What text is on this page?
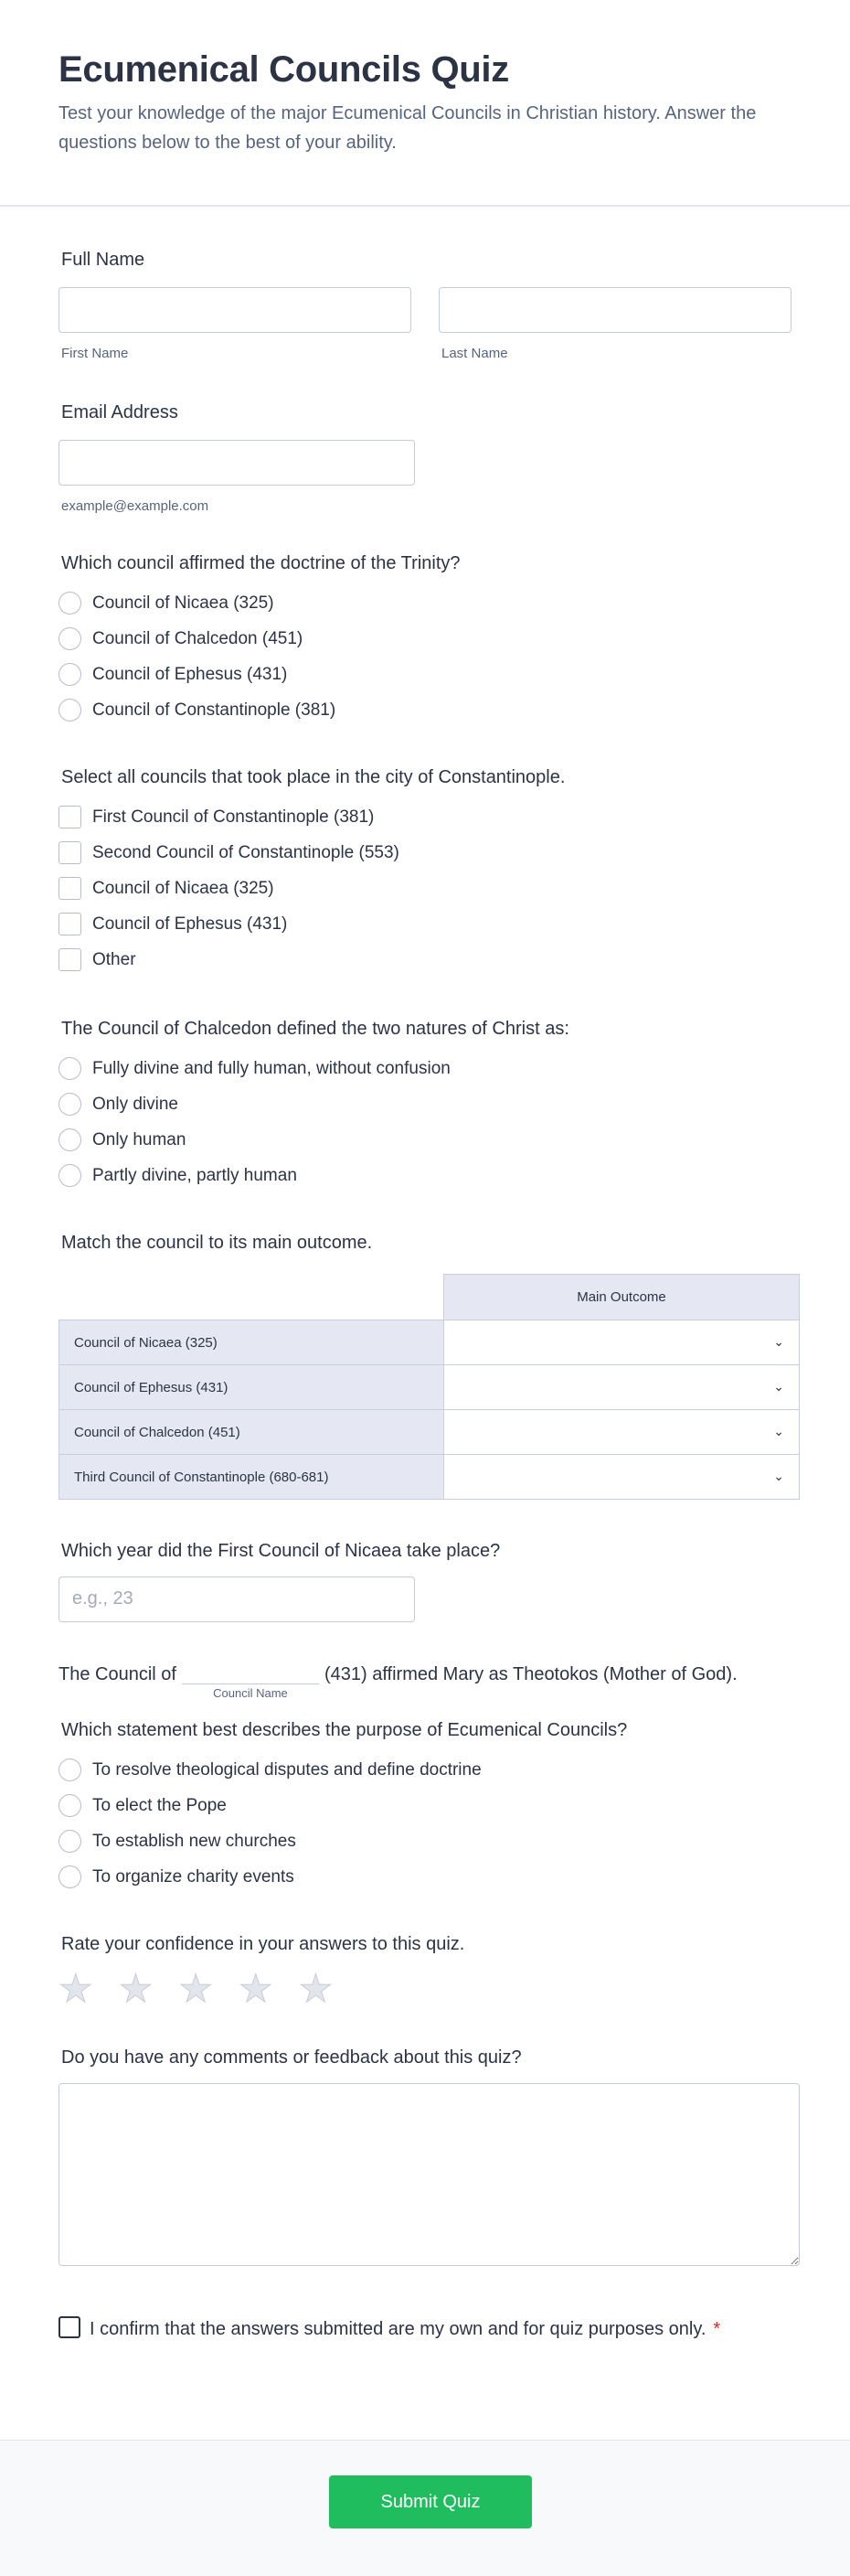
Ecumenical Councils Quiz

Test your knowledge of the major Ecumenical Councils in Christian history. Answer the questions below to the best of your ability.

Full Name
First Name	Last Name
Email Address
example@example.com
Which council affirmed the doctrine of the Trinity?
Council of Nicaea (325)
Council of Chalcedon (451)
Council of Ephesus (431)
Council of Constantinople (381)
Select all councils that took place in the city of Constantinople.
First Council of Constantinople (381)
Second Council of Constantinople (553)
Council of Nicaea (325)
Council of Ephesus (431)
Other
The Council of Chalcedon defined the two natures of Christ as:
Fully divine and fully human, without confusion
Only divine
Only human
Partly divine, partly human
Match the council to its main outcome.
	Main Outcome
Council of Nicaea (325)	⌄

Council of Ephesus (431)	⌄

Council of Chalcedon (451)	⌄

Third Council of Constantinople (680-681)	⌄
Which year did the First Council of Nicaea take place?
e.g., 23
The Council of
Council Name
(431) affirmed Mary as Theotokos (Mother of God).
Which statement best describes the purpose of Ecumenical Councils?
To resolve theological disputes and define doctrine
To elect the Pope
To establish new churches
To organize charity events
Rate your confidence in your answers to this quiz.
★ ★ ★ ★ ★
Do you have any comments or feedback about this quiz?
I confirm that the answers submitted are my own and for quiz purposes only. *
Submit Quiz
